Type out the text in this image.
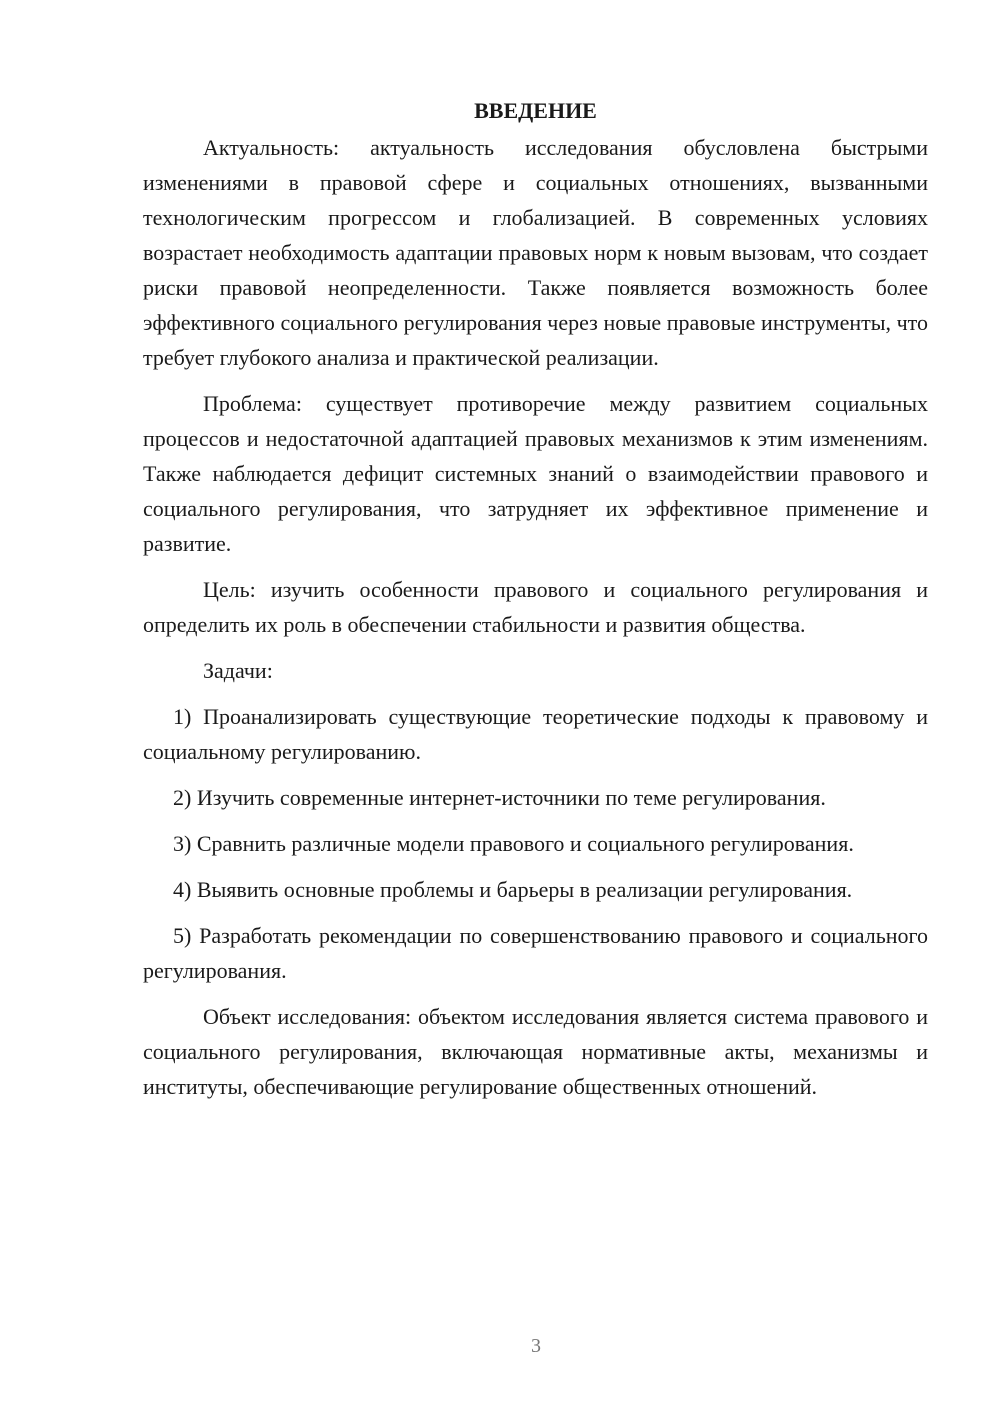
ВВЕДЕНИЕ

Актуальность: актуальность исследования обусловлена быстрыми изменениями в правовой сфере и социальных отношениях, вызванными технологическим прогрессом и глобализацией. В современных условиях возрастает необходимость адаптации правовых норм к новым вызовам, что создает риски правовой неопределенности. Также появляется возможность более эффективного социального регулирования через новые правовые инструменты, что требует глубокого анализа и практической реализации.

Проблема: существует противоречие между развитием социальных процессов и недостаточной адаптацией правовых механизмов к этим изменениям. Также наблюдается дефицит системных знаний о взаимодействии правового и социального регулирования, что затрудняет их эффективное применение и развитие.

Цель: изучить особенности правового и социального регулирования и определить их роль в обеспечении стабильности и развития общества.

Задачи:

1) Проанализировать существующие теоретические подходы к правовому и социальному регулированию.

2) Изучить современные интернет-источники по теме регулирования.

3) Сравнить различные модели правового и социального регулирования.

4) Выявить основные проблемы и барьеры в реализации регулирования.

5) Разработать рекомендации по совершенствованию правового и социального регулирования.

Объект исследования: объектом исследования является система правового и социального регулирования, включающая нормативные акты, механизмы и институты, обеспечивающие регулирование общественных отношений.

3
